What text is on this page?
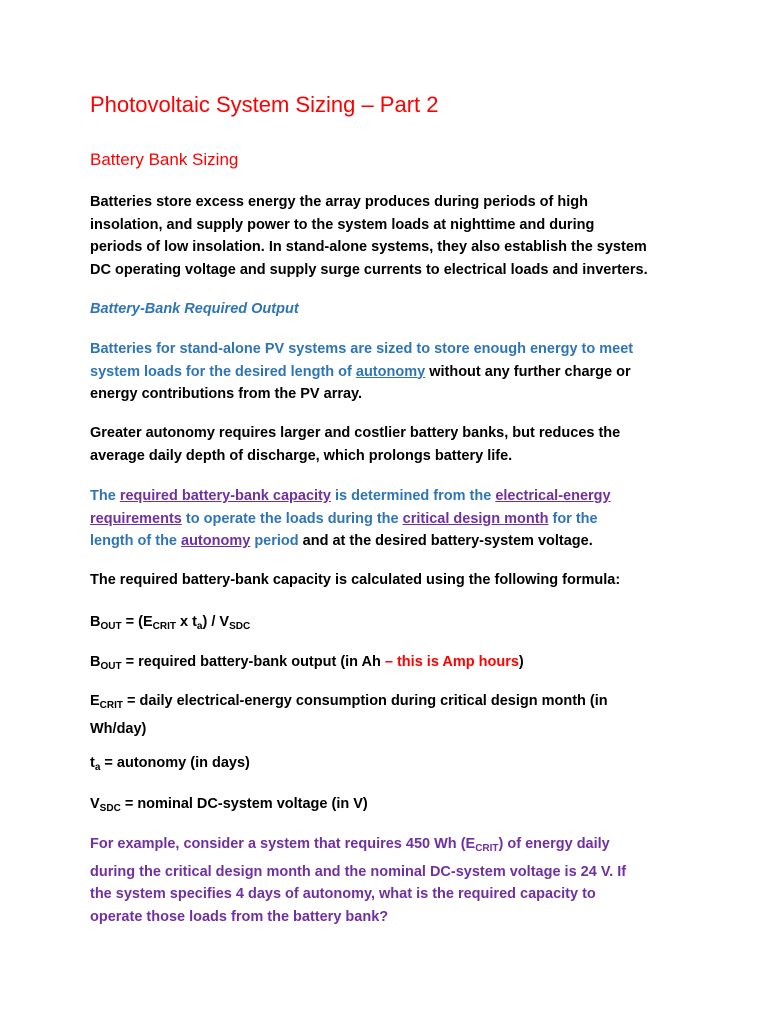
Photovoltaic System Sizing – Part 2
Battery Bank Sizing
Batteries store excess energy the array produces during periods of high
insolation, and supply power to the system loads at nighttime and during
periods of low insolation. In stand-alone systems, they also establish the system
DC operating voltage and supply surge currents to electrical loads and inverters.
Battery-Bank Required Output
Batteries for stand-alone PV systems are sized to store enough energy to meet
system loads for the desired length of autonomy without any further charge or
energy contributions from the PV array.
Greater autonomy requires larger and costlier battery banks, but reduces the
average daily depth of discharge, which prolongs battery life.
The required battery-bank capacity is determined from the electrical-energy
requirements to operate the loads during the critical design month for the
length of the autonomy period and at the desired battery-system voltage.
The required battery-bank capacity is calculated using the following formula:
$B_{OUT} = (E_{CRIT}$ x $t_a) / V_{SDC}$
$B_{OUT}$ = required battery-bank output (in Ah – this is Amp hours)
$E_{CRIT}$ = daily electrical-energy consumption during critical design month (in
Wh/day)
$t_a$ = autonomy (in days)
$V_{SDC}$ = nominal DC-system voltage (in V)
For example, consider a system that requires 450 Wh $(E_{CRIT})$ of energy daily
during the critical design month and the nominal DC-system voltage is 24 V. If
the system specifies 4 days of autonomy, what is the required capacity to
operate those loads from the battery bank?
